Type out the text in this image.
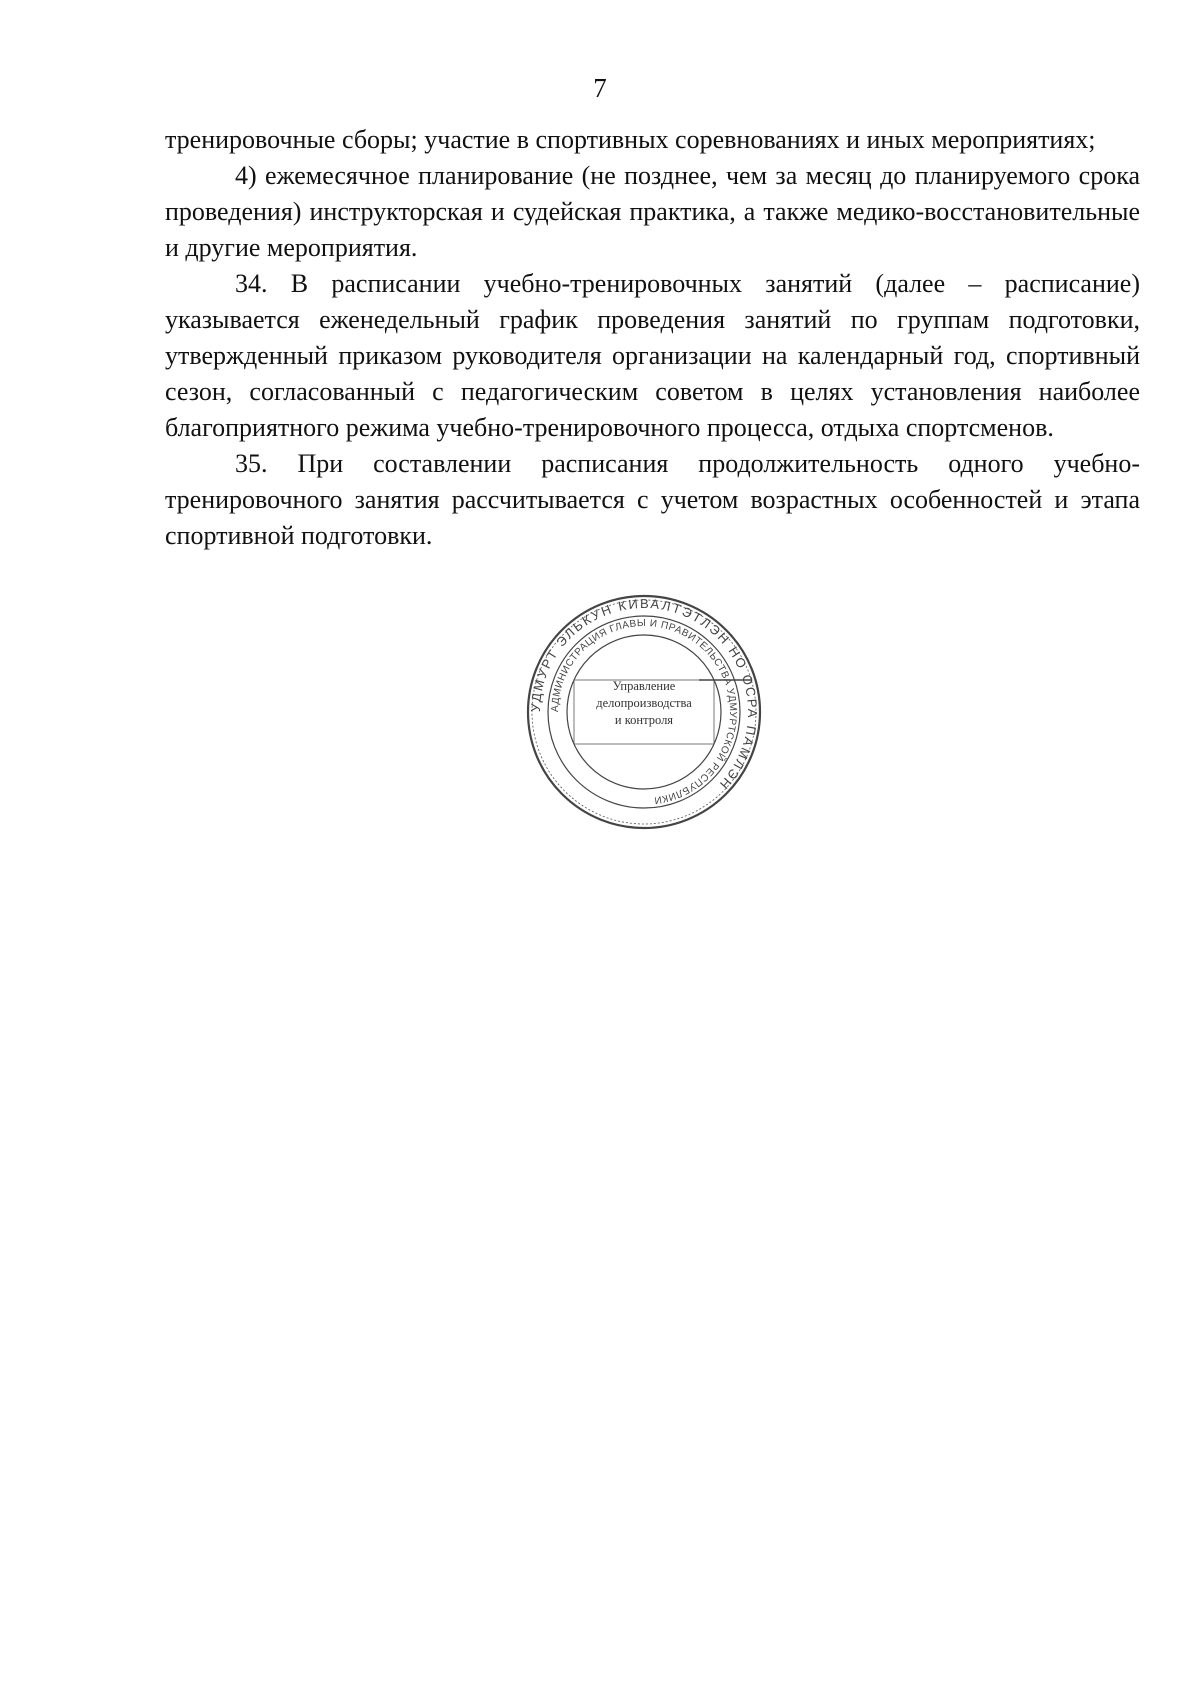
7

тренировочные сборы; участие в спортивных соревнованиях и иных мероприятиях;

4) ежемесячное планирование (не позднее, чем за месяц до планируемого срока проведения) инструкторская и судейская практика, а также медико-восстановительные и другие мероприятия.

34. В расписании учебно-тренировочных занятий (далее – расписание) указывается еженедельный график проведения занятий по группам подготовки, утвержденный приказом руководителя организации на календарный год, спортивный сезон, согласованный с педагогическим советом в целях установления наиболее благоприятного режима учебно-тренировочного процесса, отдыха спортсменов.

35. При составлении расписания продолжительность одного учебно-тренировочного занятия рассчитывается с учетом возрастных особенностей и этапа спортивной подготовки.

УДМУРТ ЭЛЬКУН КИВАЛТЭТЛЭН НО ОСРА ПАМЛЭН
АДМИНИСТРАЦИЯ ГЛАВЫ И ПРАВИТЕЛЬСТВА УДМУРТСКОЙ РЕСПУБЛИКИ
Управление
делопроизводства
и контроля
